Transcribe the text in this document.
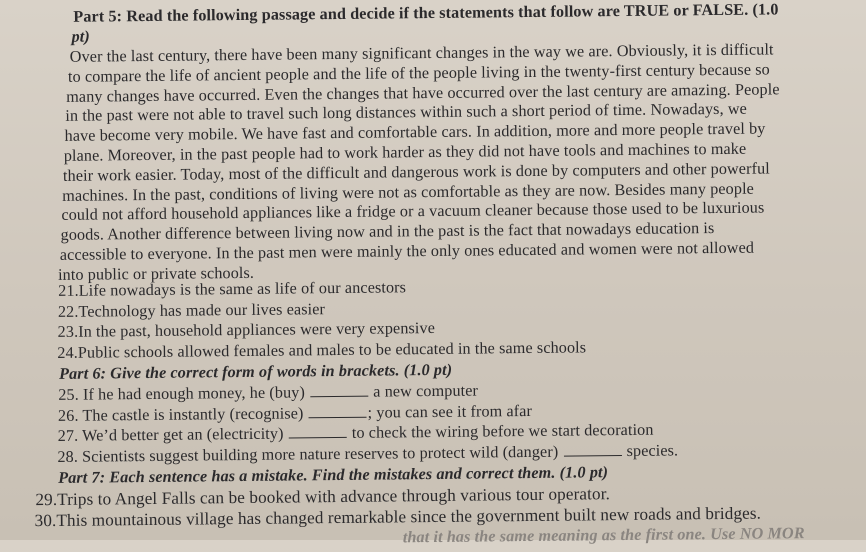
Part 5: Read the following passage and decide if the statements that follow are TRUE or FALSE. (1.0
pt)
Over the last century, there have been many significant changes in the way we are. Obviously, it is difficult
to compare the life of ancient people and the life of the people living in the twenty-first century because so
many changes have occurred. Even the changes that have occurred over the last century are amazing. People
in the past were not able to travel such long distances within such a short period of time. Nowadays, we
have become very mobile. We have fast and comfortable cars. In addition, more and more people travel by
plane. Moreover, in the past people had to work harder as they did not have tools and machines to make
their work easier. Today, most of the difficult and dangerous work is done by computers and other powerful
machines. In the past, conditions of living were not as comfortable as they are now. Besides many people
could not afford household appliances like a fridge or a vacuum cleaner because those used to be luxurious
goods. Another difference between living now and in the past is the fact that nowadays education is
accessible to everyone. In the past men were mainly the only ones educated and women were not allowed
into public or private schools.
21.Life nowadays is the same as life of our ancestors
22.Technology has made our lives easier
23.In the past, household appliances were very expensive
24.Public schools allowed females and males to be educated in the same schools
Part 6: Give the correct form of words in brackets. (1.0 pt)
25. If he had enough money, he (buy)	a new computer
26. The castle is instantly (recognise)	; you can see it from afar
27. We’d better get an (electricity)	to check the wiring before we start decoration
28. Scientists suggest building more nature reserves to protect wild (danger)	species.
Part 7: Each sentence has a mistake. Find the mistakes and correct them. (1.0 pt)
29.Trips to Angel Falls can be booked with advance through various tour operator.
30.This mountainous village has changed remarkable since the government built new roads and bridges.
that it has the same meaning as the first one. Use NO MOR
